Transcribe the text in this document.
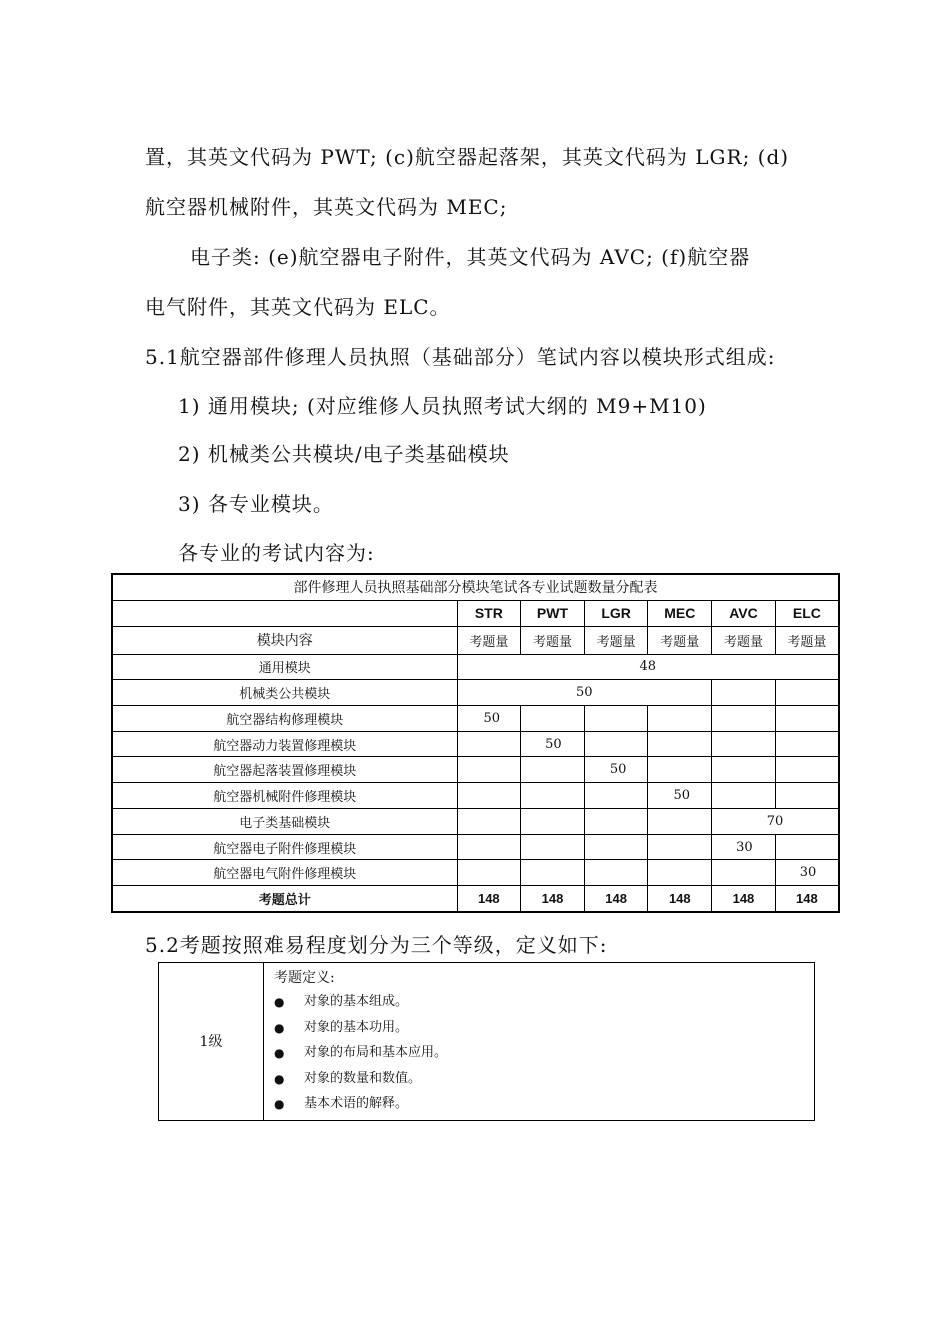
置，其英文代码为 PWT; (c)航空器起落架，其英文代码为 LGR; (d)
航空器机械附件，其英文代码为 MEC;
电子类: (e)航空器电子附件，其英文代码为 AVC; (f)航空器
电气附件，其英文代码为 ELC。
5.1航空器部件修理人员执照（基础部分）笔试内容以模块形式组成:
1) 通用模块; (对应维修人员执照考试大纲的 M9+M10)
2) 机械类公共模块/电子类基础模块
3) 各专业模块。
各专业的考试内容为:
部件修理人员执照基础部分模块笔试各专业试题数量分配表						
	STR	PWT	LGR	MEC	AVC	ELC
模块内容	考题量	考题量	考题量	考题量	考题量	考题量
通用模块	48					
机械类公共模块	50					
航空器结构修理模块	50					
航空器动力装置修理模块		50				
航空器起落装置修理模块			50			
航空器机械附件修理模块				50		
电子类基础模块					70	
航空器电子附件修理模块					30	
航空器电气附件修理模块						30
考题总计	148	148	148	148	148	148
5.2考题按照难易程度划分为三个等级，定义如下:
1级	
考题定义:
● 对象的基本组成。
● 对象的基本功用。
● 对象的布局和基本应用。
● 对象的数量和数值。
● 基本术语的解释。
